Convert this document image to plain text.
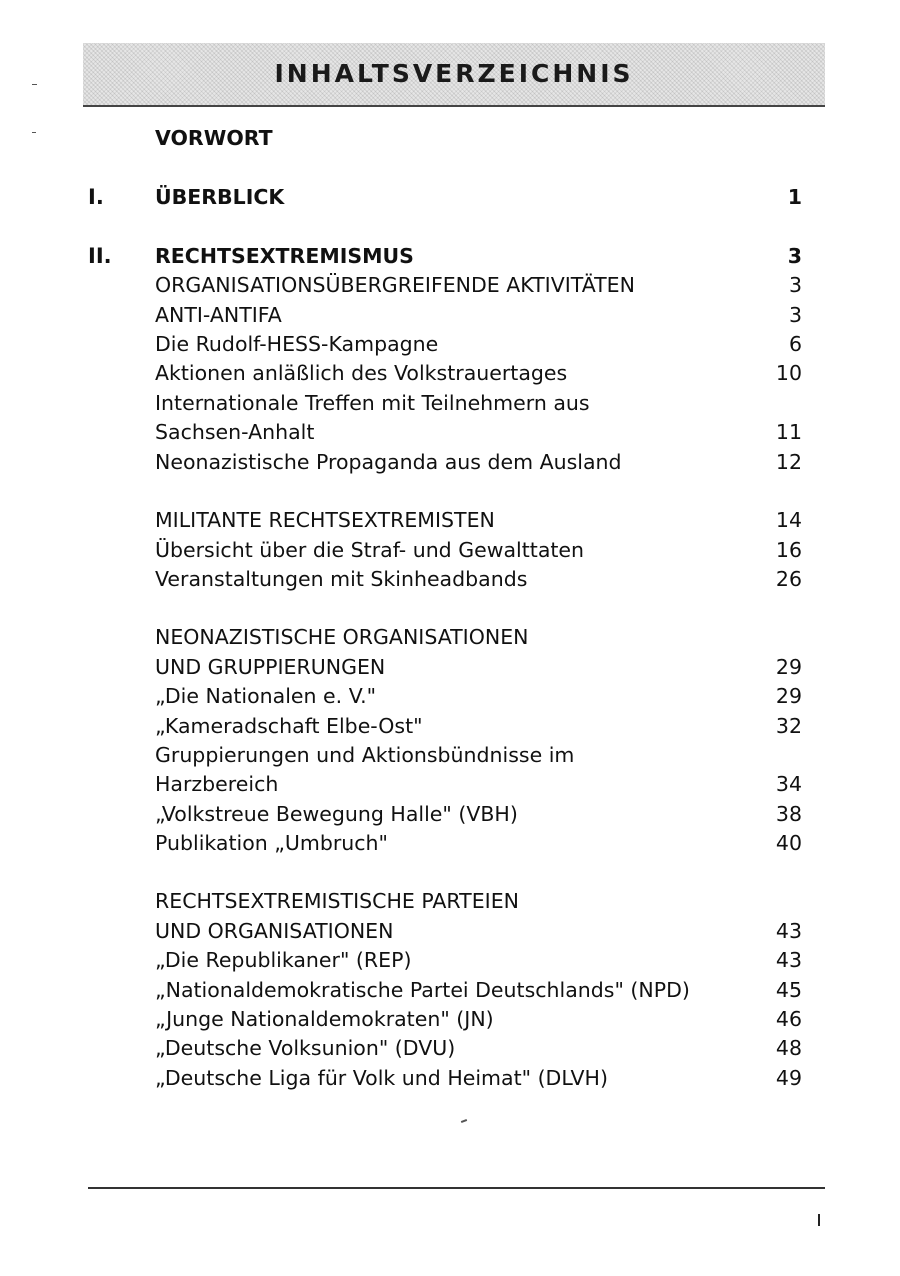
INHALTSVERZEICHNIS
VORWORT
I. ÜBERBLICK	1
II. RECHTSEXTREMISMUS	3
ORGANISATIONSÜBERGREIFENDE AKTIVITÄTEN	3
ANTI-ANTIFA	3
Die Rudolf-HESS-Kampagne	6
Aktionen anläßlich des Volkstrauertages	10
Internationale Treffen mit Teilnehmern aus
Sachsen-Anhalt	11
Neonazistische Propaganda aus dem Ausland	12
MILITANTE RECHTSEXTREMISTEN	14
Übersicht über die Straf- und Gewalttaten	16
Veranstaltungen mit Skinheadbands	26
NEONAZISTISCHE ORGANISATIONEN
UND GRUPPIERUNGEN	29
„Die Nationalen e. V."	29
„Kameradschaft Elbe-Ost"	32
Gruppierungen und Aktionsbündnisse im
Harzbereich	34
„Volkstreue Bewegung Halle" (VBH)	38
Publikation „Umbruch"	40
RECHTSEXTREMISTISCHE PARTEIEN
UND ORGANISATIONEN	43
„Die Republikaner" (REP)	43
„Nationaldemokratische Partei Deutschlands" (NPD)	45
„Junge Nationaldemokraten" (JN)	46
„Deutsche Volksunion" (DVU)	48
„Deutsche Liga für Volk und Heimat" (DLVH)	49
